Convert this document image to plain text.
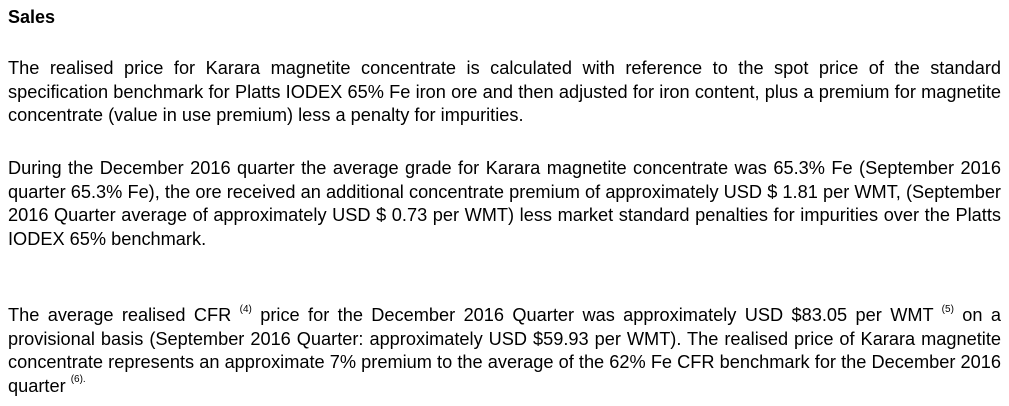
Sales

The realised price for Karara magnetite concentrate is calculated with reference to the spot price of the standard specification benchmark for Platts IODEX 65% Fe iron ore and then adjusted for iron content, plus a premium for magnetite concentrate (value in use premium) less a penalty for impurities.

During the December 2016 quarter the average grade for Karara magnetite concentrate was 65.3% Fe (September 2016 quarter 65.3% Fe), the ore received an additional concentrate premium of approximately USD $ 1.81 per WMT, (September 2016 Quarter average of approximately USD $ 0.73 per WMT) less market standard penalties for impurities over the Platts IODEX 65% benchmark.

The average realised CFR $^{(4)}$ price for the December 2016 Quarter was approximately USD $83.05 per WMT $^{(5)}$ on a provisional basis (September 2016 Quarter: approximately USD $59.93 per WMT). The realised price of Karara magnetite concentrate represents an approximate 7% premium to the average of the 62% Fe CFR benchmark for the December 2016 quarter $^{(6).}$
